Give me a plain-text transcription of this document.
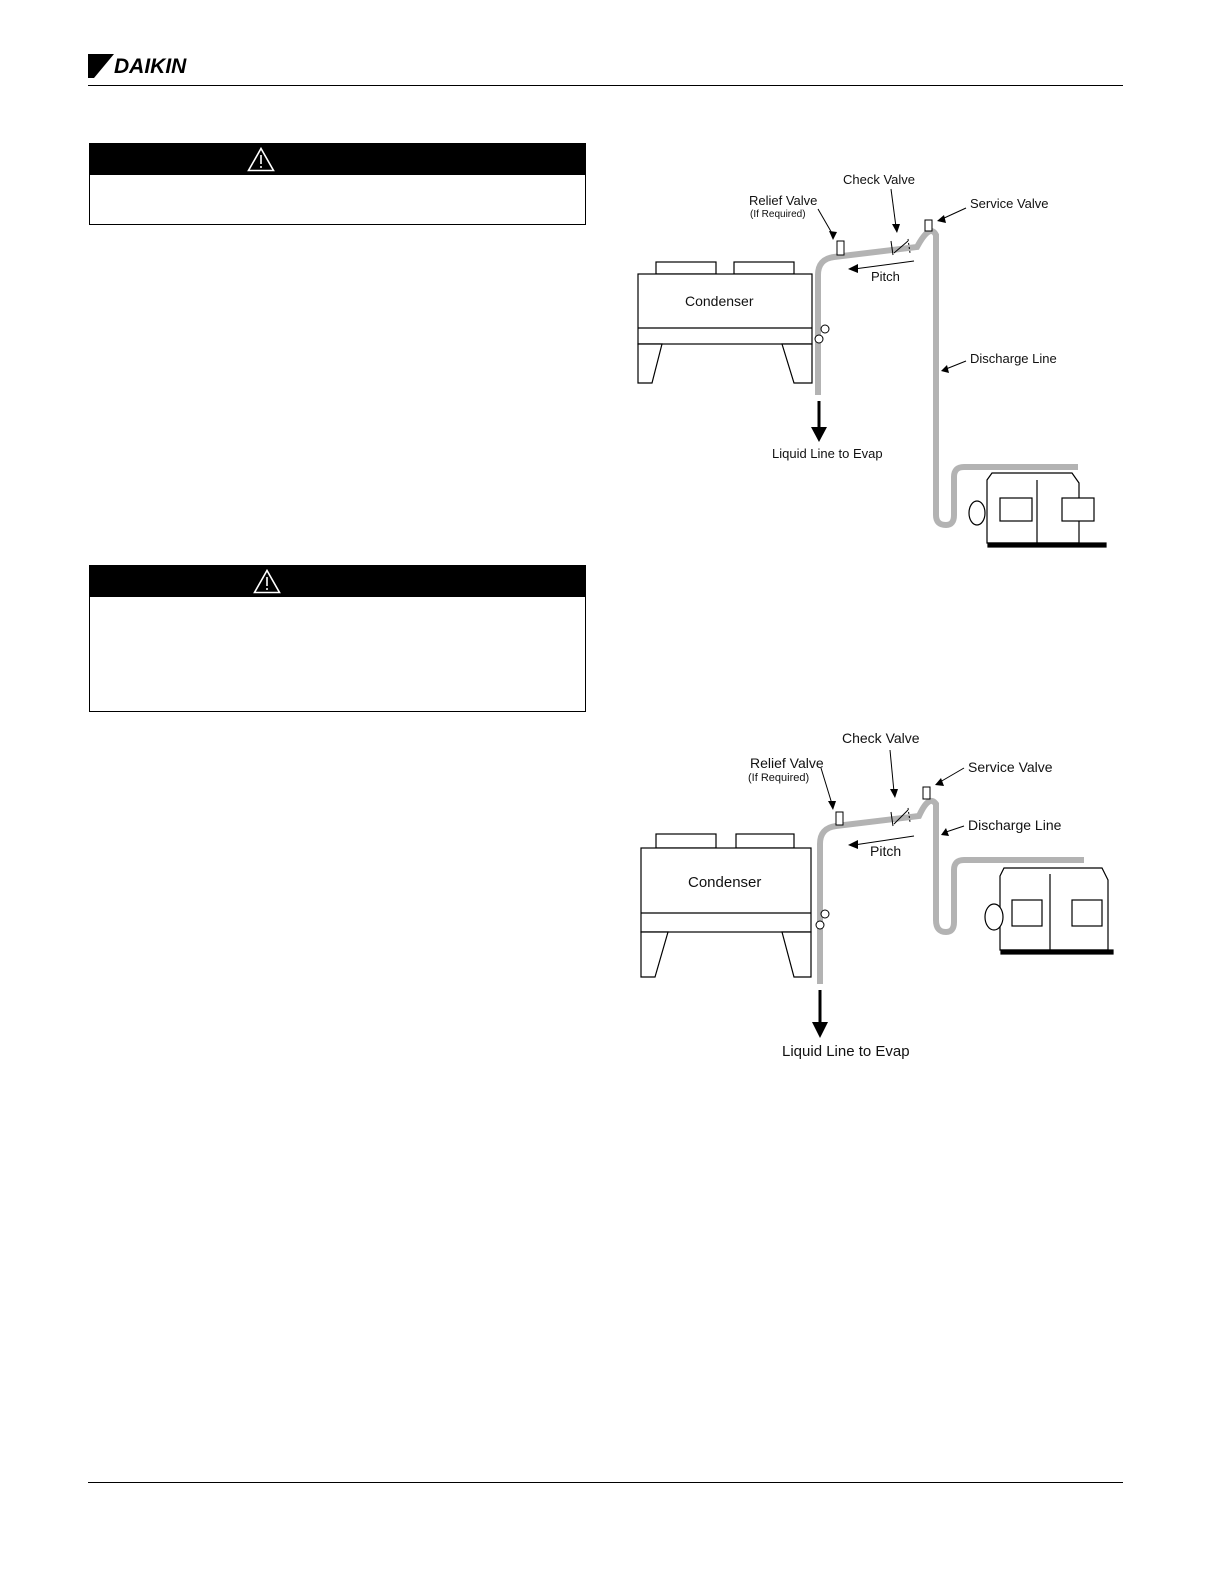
DAIKIN
Condenser
Check Valve
Relief Valve
(If Required)
Service Valve
Pitch
Discharge Line
Liquid Line to Evap
Condenser
Check Valve
Relief Valve
(If Required)
Service Valve
Pitch
Discharge Line
Liquid Line to Evap
